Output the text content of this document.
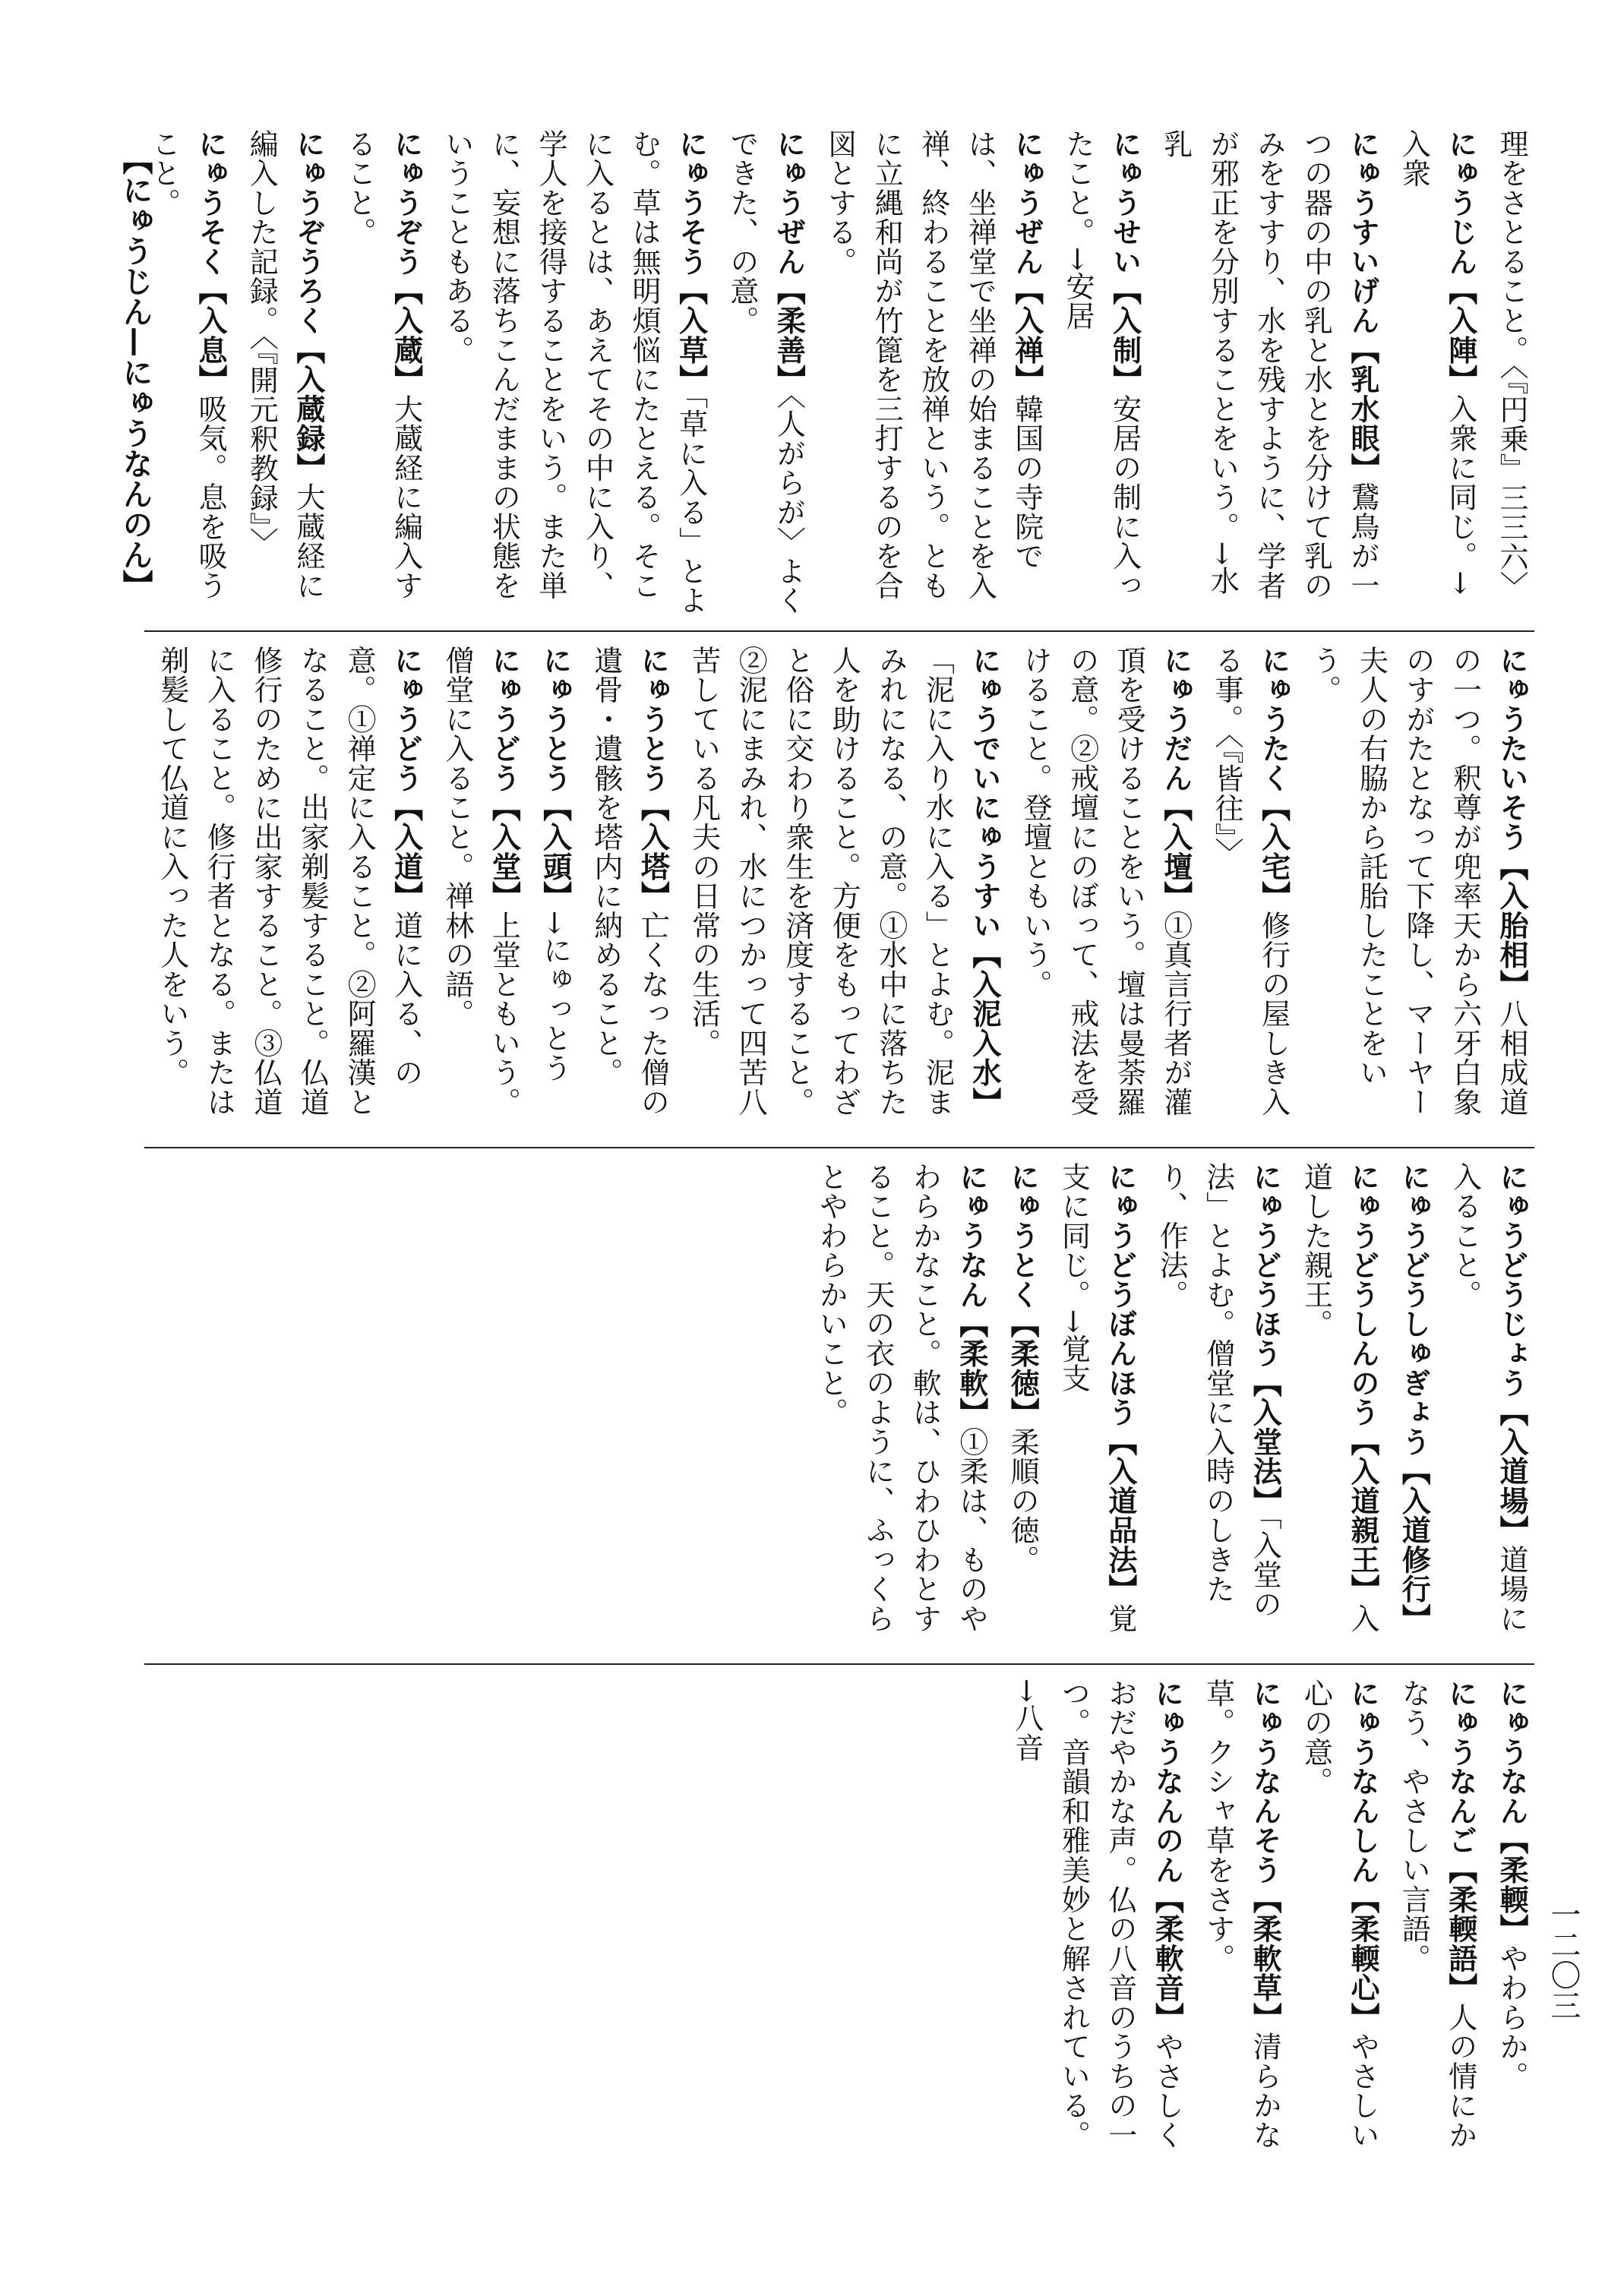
【にゅうじん—にゅうなんのん】
一二〇三
理をさとること。〈『円乗』三三六〉
にゅうじん【入陣】入衆に同じ。→入衆
にゅうすいげん【乳水眼】鵞鳥が一つの器の中の乳と水とを分けて乳のみをすすり、水を残すように、学者が邪正を分別することをいう。→水乳
にゅうせい【入制】安居の制に入ったこと。→安居
にゅうぜん【入禅】韓国の寺院では、坐禅堂で坐禅の始まることを入禅、終わることを放禅という。ともに立縄和尚が竹篦を三打するのを合図とする。
にゅうぜん【柔善】〈人がらが〉よくできた、の意。
にゅうそう【入草】「草に入る」とよむ。草は無明煩悩にたとえる。そこに入るとは、あえてその中に入り、学人を接得することをいう。また単に、妄想に落ちこんだままの状態をいうこともある。
にゅうぞう【入蔵】大蔵経に編入すること。
にゅうぞうろく【入蔵録】大蔵経に編入した記録。〈『開元釈教録』〉
にゅうそく【入息】吸気。息を吸うこと。
にゅうたいそう【入胎相】八相成道の一つ。釈尊が兜率天から六牙白象のすがたとなって下降し、マーヤー夫人の右脇から託胎したことをいう。
にゅうたく【入宅】修行の屋しき入る事。〈『皆往』〉
にゅうだん【入壇】①真言行者が灌頂を受けることをいう。壇は曼荼羅の意。②戒壇にのぼって、戒法を受けること。登壇ともいう。
にゅうでいにゅうすい【入泥入水】「泥に入り水に入る」とよむ。泥まみれになる、の意。①水中に落ちた人を助けること。方便をもってわざと俗に交わり衆生を済度すること。②泥にまみれ、水につかって四苦八苦している凡夫の日常の生活。
にゅうとう【入塔】亡くなった僧の遺骨・遺骸を塔内に納めること。
にゅうとう【入頭】→にゅっとう
にゅうどう【入堂】上堂ともいう。僧堂に入ること。禅林の語。
にゅうどう【入道】道に入る、の意。①禅定に入ること。②阿羅漢となること。出家剃髪すること。仏道修行のために出家すること。③仏道に入ること。修行者となる。または剃髪して仏道に入った人をいう。
にゅうどうじょう【入道場】道場に入ること。
にゅうどうしゅぎょう【入道修行】
にゅうどうしんのう【入道親王】入道した親王。
にゅうどうほう【入堂法】「入堂の法」とよむ。僧堂に入時のしきたり、作法。
にゅうどうぼんほう【入道品法】覚支に同じ。→覚支
にゅうとく【柔徳】柔順の徳。
にゅうなん【柔軟】①柔は、ものやわらかなこと。軟は、ひわひわとすること。天の衣のように、ふっくらとやわらかいこと。
にゅうなん【柔輭】やわらか。
にゅうなんご【柔輭語】人の情にかなう、やさしい言語。
にゅうなんしん【柔輭心】やさしい心の意。
にゅうなんそう【柔軟草】清らかな草。クシャ草をさす。
にゅうなんのん【柔軟音】やさしくおだやかな声。仏の八音のうちの一つ。音韻和雅美妙と解されている。→八音
